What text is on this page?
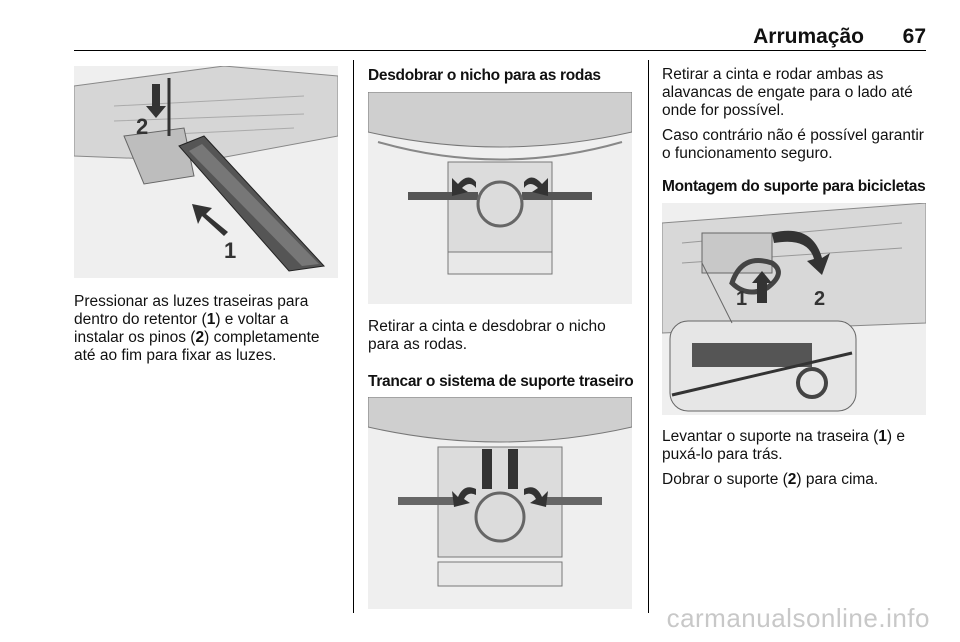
Arrumação 67
2
1
Pressionar as luzes traseiras para dentro do retentor (1) e voltar a instalar os pinos (2) completamente até ao fim para fixar as luzes.
Desdobrar o nicho para as rodas
Retirar a cinta e desdobrar o nicho para as rodas.
Trancar o sistema de suporte traseiro

Retirar a cinta e rodar ambas as alavancas de engate para o lado até onde for possível.

Caso contrário não é possível garantir o funcionamento seguro.

Montagem do suporte para bicicletas
1	2

Levantar o suporte na traseira (1) e puxá-lo para trás.

Dobrar o suporte (2) para cima.

carmanualsonline.info
